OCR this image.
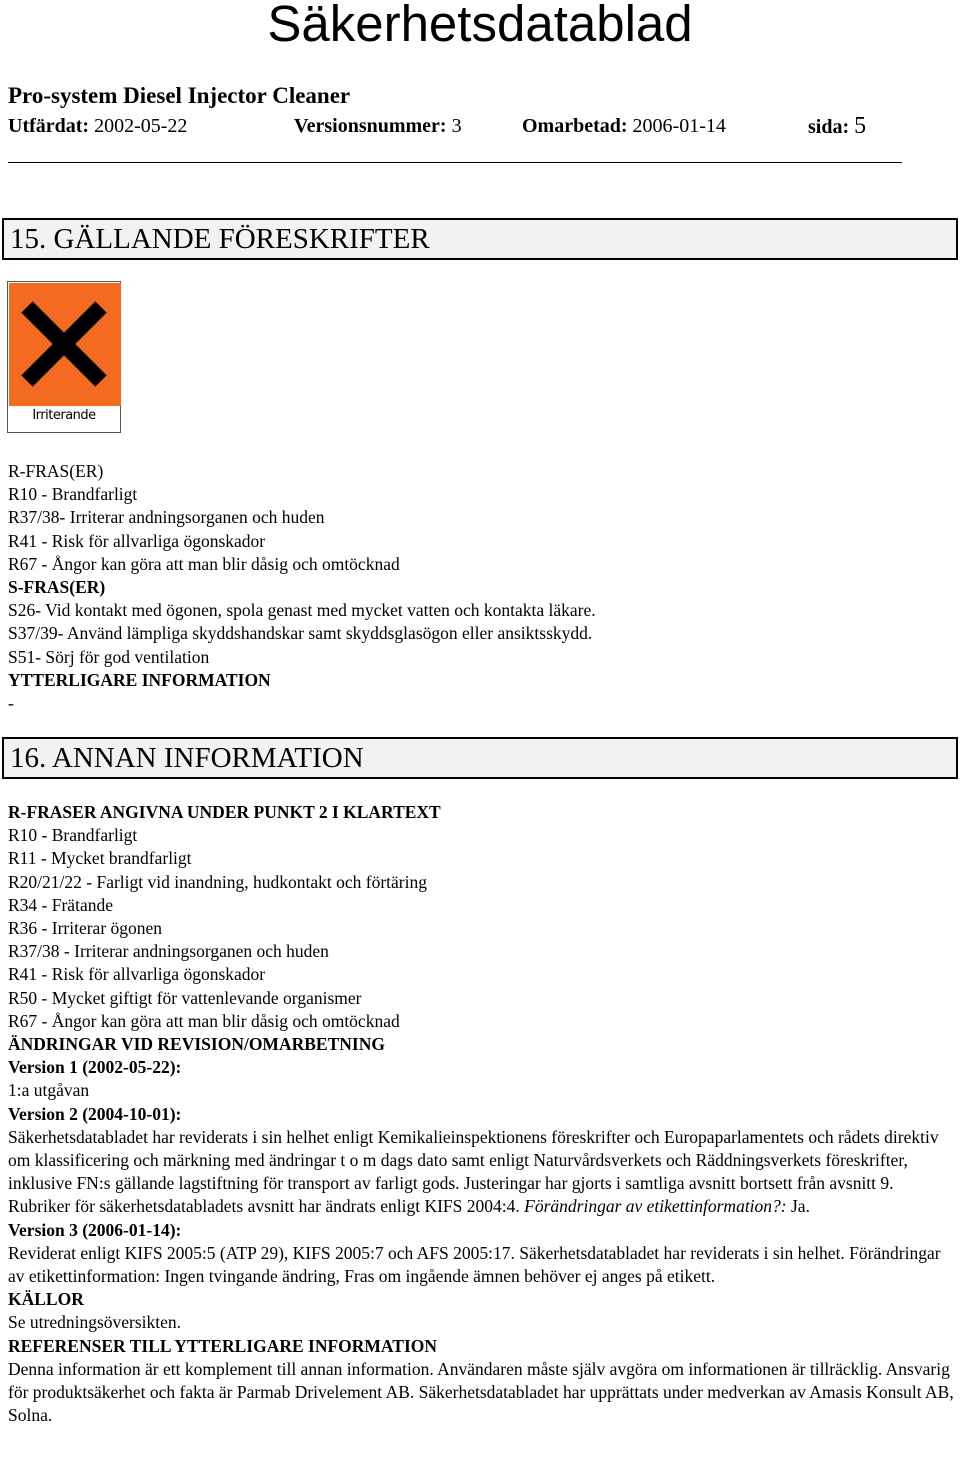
Säkerhetsdatablad
Pro-system Diesel Injector Cleaner
Utfärdat: 2002-05-22	Versionsnummer: 3	Omarbetad: 2006-01-14	sida: 5
15. GÄLLANDE FÖRESKRIFTER
Irriterande
R-FRAS(ER)
R10 - Brandfarligt
R37/38- Irriterar andningsorganen och huden
R41 - Risk för allvarliga ögonskador
R67 - Ångor kan göra att man blir dåsig och omtöcknad
S-FRAS(ER)
S26- Vid kontakt med ögonen, spola genast med mycket vatten och kontakta läkare.
S37/39- Använd lämpliga skyddshandskar samt skyddsglasögon eller ansiktsskydd.
S51- Sörj för god ventilation
YTTERLIGARE INFORMATION
-
16. ANNAN INFORMATION
R-FRASER ANGIVNA UNDER PUNKT 2 I KLARTEXT
R10 - Brandfarligt
R11 - Mycket brandfarligt
R20/21/22 - Farligt vid inandning, hudkontakt och förtäring
R34 - Frätande
R36 - Irriterar ögonen
R37/38 - Irriterar andningsorganen och huden
R41 - Risk för allvarliga ögonskador
R50 - Mycket giftigt för vattenlevande organismer
R67 - Ångor kan göra att man blir dåsig och omtöcknad
ÄNDRINGAR VID REVISION/OMARBETNING
Version 1 (2002-05-22):
1:a utgåvan
Version 2 (2004-10-01):
Säkerhetsdatabladet har reviderats i sin helhet enligt Kemikalieinspektionens föreskrifter och Europaparlamentets och rådets direktiv om klassificering och märkning med ändringar t o m dags dato samt enligt Naturvårdsverkets och Räddningsverkets föreskrifter, inklusive FN:s gällande lagstiftning för transport av farligt gods. Justeringar har gjorts i samtliga avsnitt bortsett från avsnitt 9. Rubriker för säkerhetsdatabladets avsnitt har ändrats enligt KIFS 2004:4. Förändringar av etikettinformation?: Ja.
Version 3 (2006-01-14):
Reviderat enligt KIFS 2005:5 (ATP 29), KIFS 2005:7 och AFS 2005:17. Säkerhetsdatabladet har reviderats i sin helhet. Förändringar av etikettinformation: Ingen tvingande ändring, Fras om ingående ämnen behöver ej anges på etikett.
KÄLLOR
Se utredningsöversikten.
REFERENSER TILL YTTERLIGARE INFORMATION
Denna information är ett komplement till annan information. Användaren måste själv avgöra om informationen är tillräcklig. Ansvarig för produktsäkerhet och fakta är Parmab Drivelement AB. Säkerhetsdatabladet har upprättats under medverkan av Amasis Konsult AB, Solna.
